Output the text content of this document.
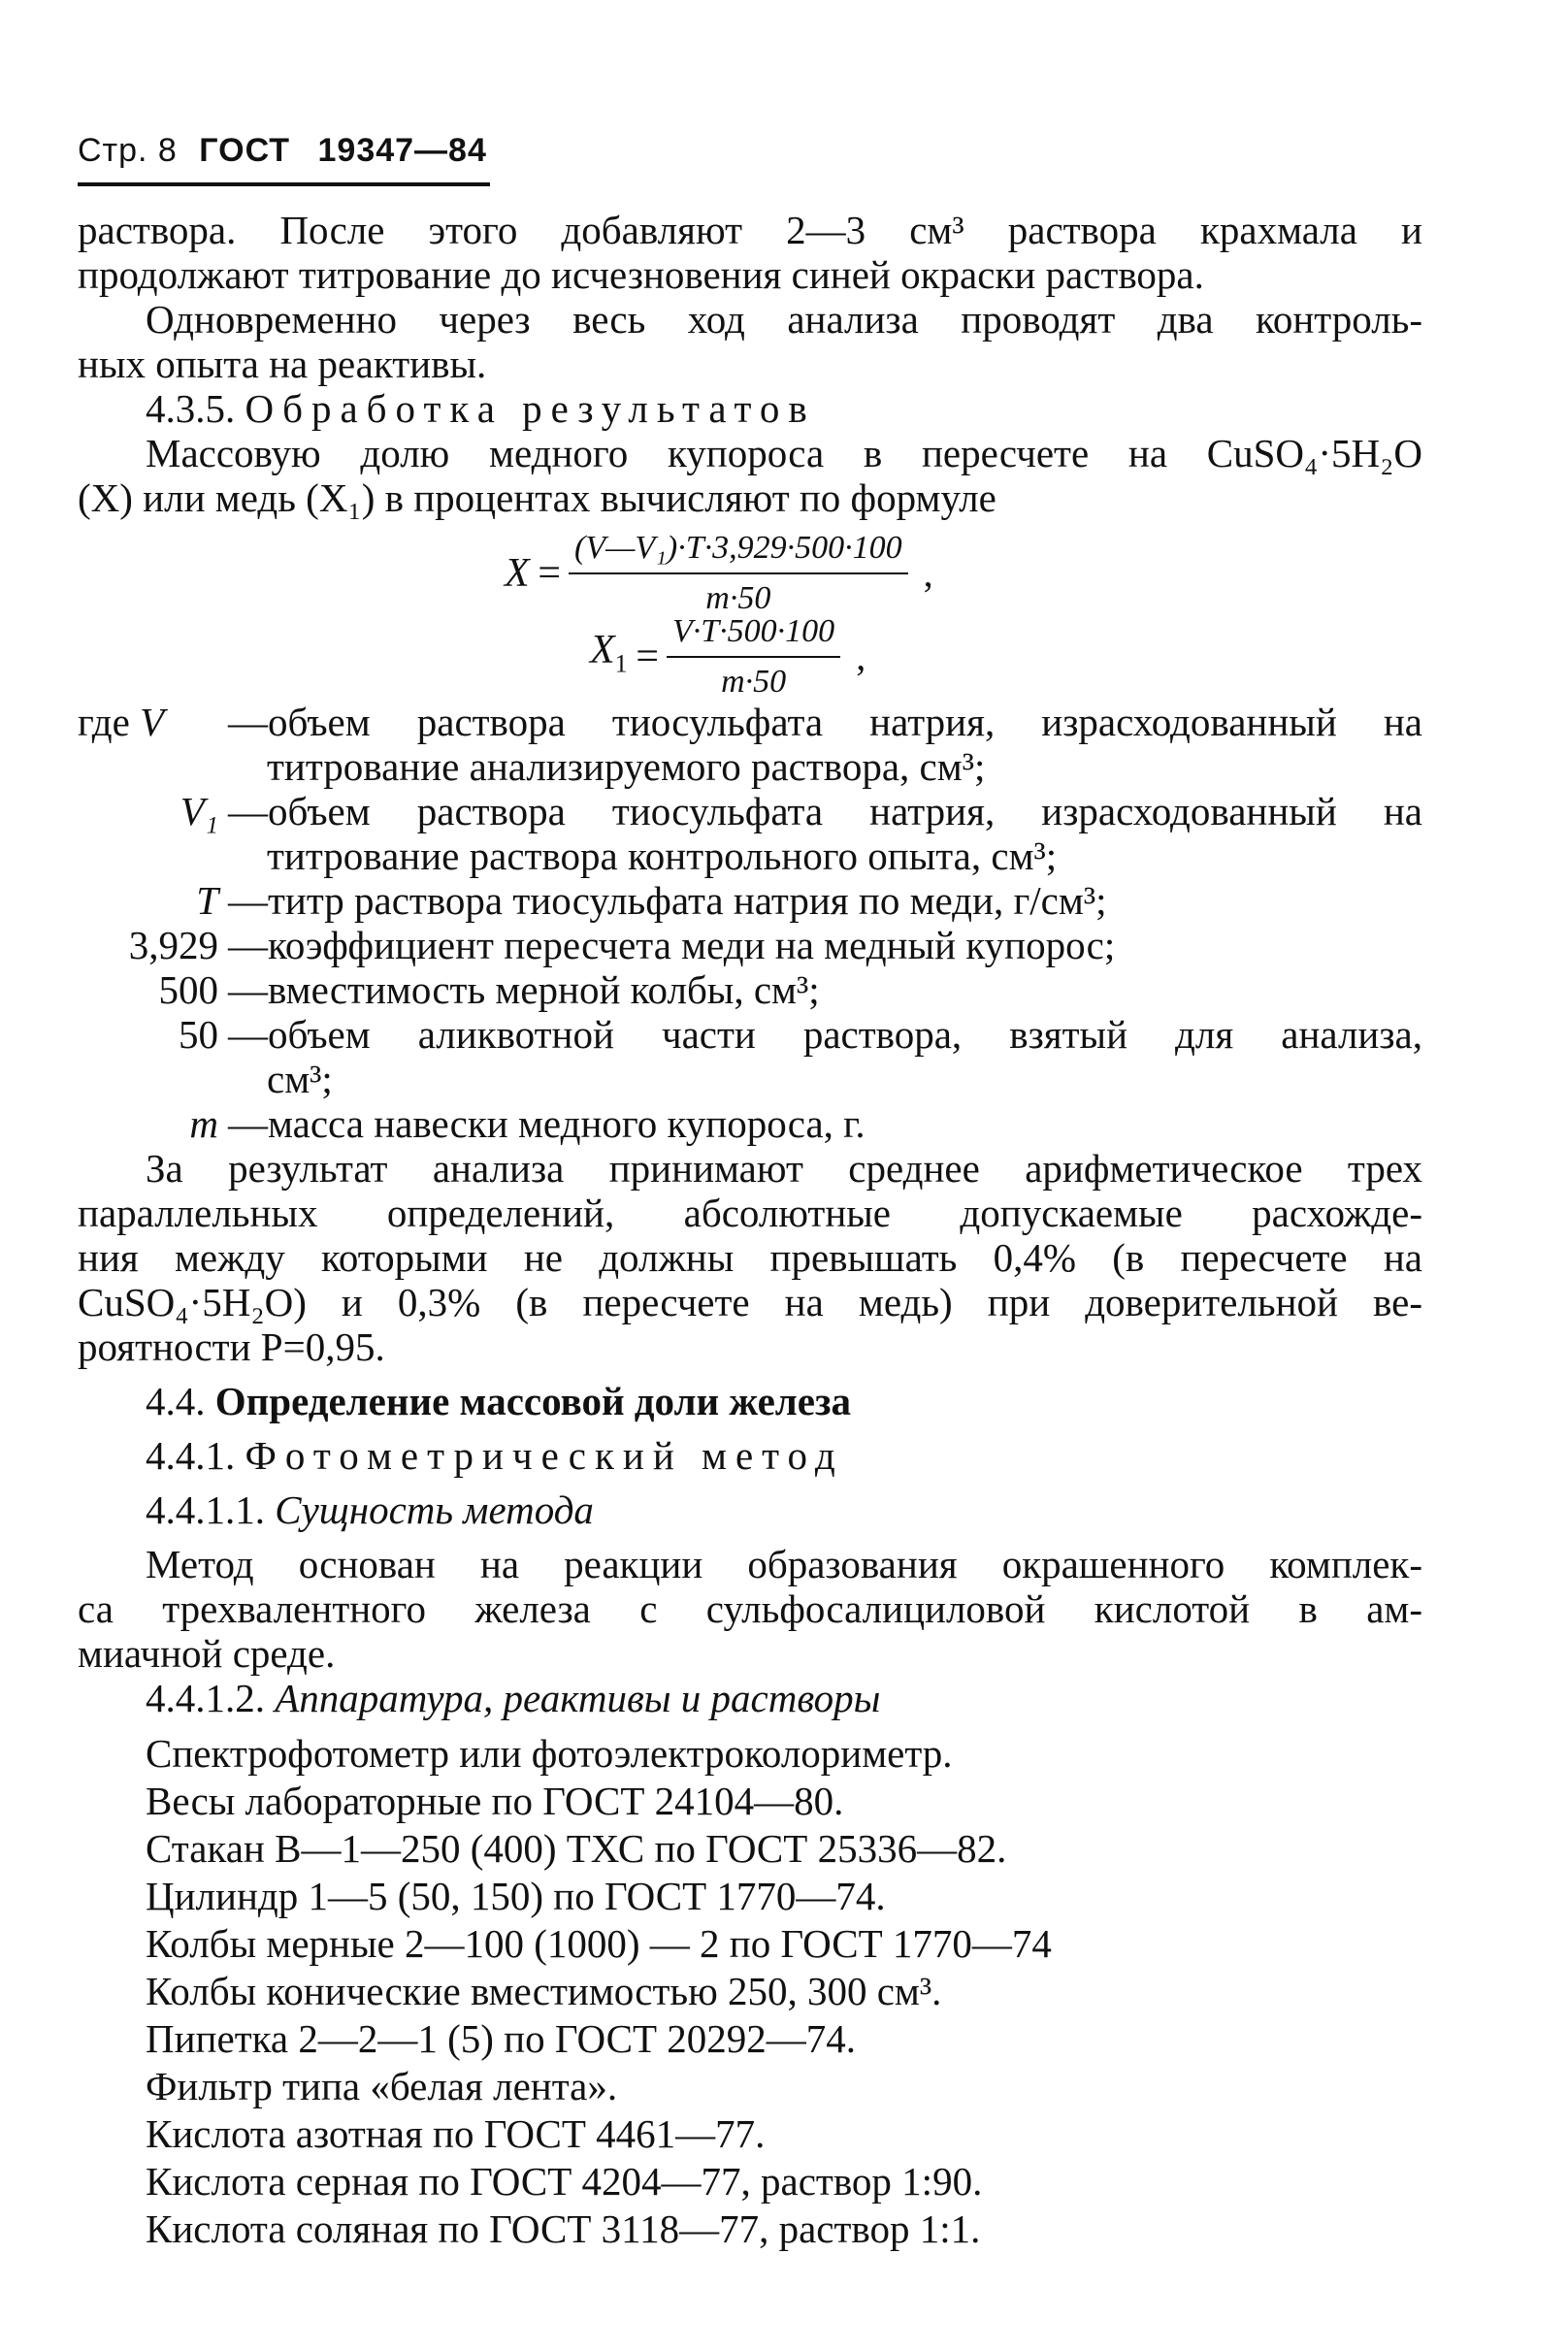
Стр. 8 ГОСТ 19347—84
раствора. После этого добавляют 2—3 см³ раствора крахмала и
продолжают титрование до исчезновения синей окраски раствора.
Одновременно через весь ход анализа проводят два контроль-
ных опыта на реактивы.
4.3.5. Обработка результатов
Массовую долю медного купороса в пересчете на CuSO₄·5H₂O
(X) или медь (X₁) в процентах вычисляют по формуле
$X = \frac{\text{(V—V₁)·T·3,929·500·100}}{m\cdot 50}$ ,
$X_1 = \frac{V\cdot T\cdot 500\cdot 100}{m\cdot 50}$ ,
где V	—объем раствора тиосульфата натрия, израсходованный на
титрование анализируемого раствора, см³;
V₁ —объем раствора тиосульфата натрия, израсходованный на
титрование раствора контрольного опыта, см³;
T —титр раствора тиосульфата натрия по меди, г/см³;
3,929 —коэффициент пересчета меди на медный купорос;
500 —вместимость мерной колбы, см³;
50 —объем аликвотной части раствора, взятый для анализа,
см³;
m —масса навески медного купороса, г.
За результат анализа принимают среднее арифметическое трех
параллельных определений, абсолютные допускаемые расхожде-
ния между которыми не должны превышать 0,4% (в пересчете на
CuSO₄·5H₂O) и 0,3% (в пересчете на медь) при доверительной ве-
роятности P=0,95.
4.4. Определение массовой доли железа
4.4.1. Фотометрический метод
4.4.1.1. Сущность метода
Метод основан на реакции образования окрашенного комплек-
са трехвалентного железа с сульфосалициловой кислотой в ам-
миачной среде.
4.4.1.2. Аппаратура, реактивы и растворы
Спектрофотометр или фотоэлектроколориметр.
Весы лабораторные по ГОСТ 24104—80.
Стакан В—1—250 (400) ТХС по ГОСТ 25336—82.
Цилиндр 1—5 (50, 150) по ГОСТ 1770—74.
Колбы мерные 2—100 (1000) — 2 по ГОСТ 1770—74
Колбы конические вместимостью 250, 300 см³.
Пипетка 2—2—1 (5) по ГОСТ 20292—74.
Фильтр типа «белая лента».
Кислота азотная по ГОСТ 4461—77.
Кислота серная по ГОСТ 4204—77, раствор 1:90.
Кислота соляная по ГОСТ 3118—77, раствор 1:1.
